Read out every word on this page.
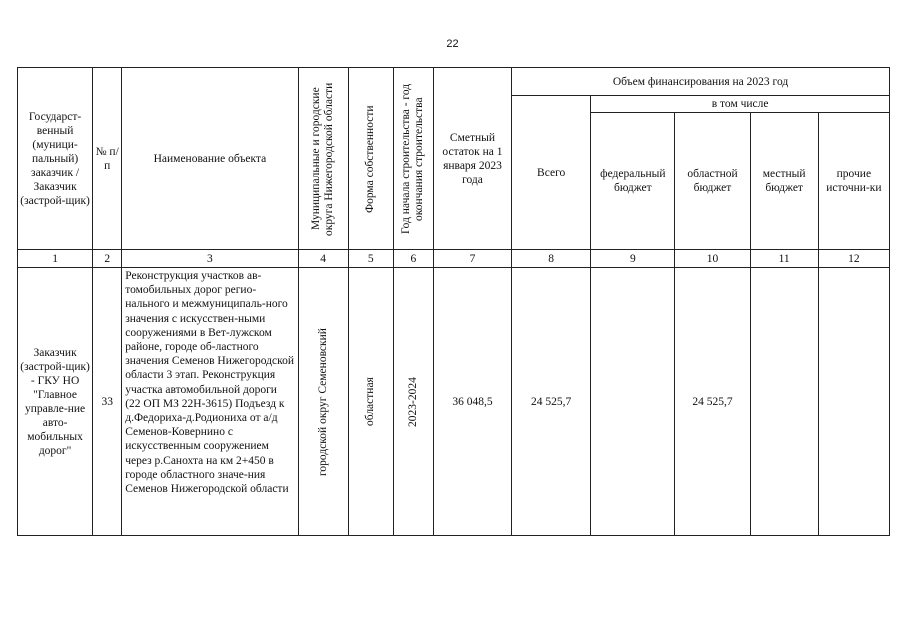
22
Государст-венный (муници-пальный) заказчик / Заказчик (застрой-щик)	№ п/п	Наименование объекта	Муниципальные и городские округа Нижегородской области	Форма собственности	Год начала строительства - год окончания строительства	Сметный остаток на 1 января 2023 года	Объем финансирования на 2023 год				
							Всего	в том числе			
								федеральный бюджет	областной бюджет	местный бюджет	прочие источни-ки
1	2	3	4	5	6	7	8	9	10	11	12
Заказчик (застрой-щик) - ГКУ НО "Главное управле-ние авто-мобильных дорог"	33	Реконструкция участков ав-томобильных дорог регио-нального и межмуниципаль-ного значения с искусствен-ными сооружениями в Вет-лужском районе, городе об-ластного значения Семенов Нижегородской области 3 этап. Реконструкция участка автомобильной дороги (22 ОП МЗ 22Н-3615) Подъезд к д.Федориха-д.Родиониха от а/д Семенов-Ковернино с искусственным сооружением через р.Санохта на км 2+450 в городе областного значе-ния Семенов Нижегородской области	городской округ Семеновский	областная	2023-2024	36 048,5	24 525,7		24 525,7		
